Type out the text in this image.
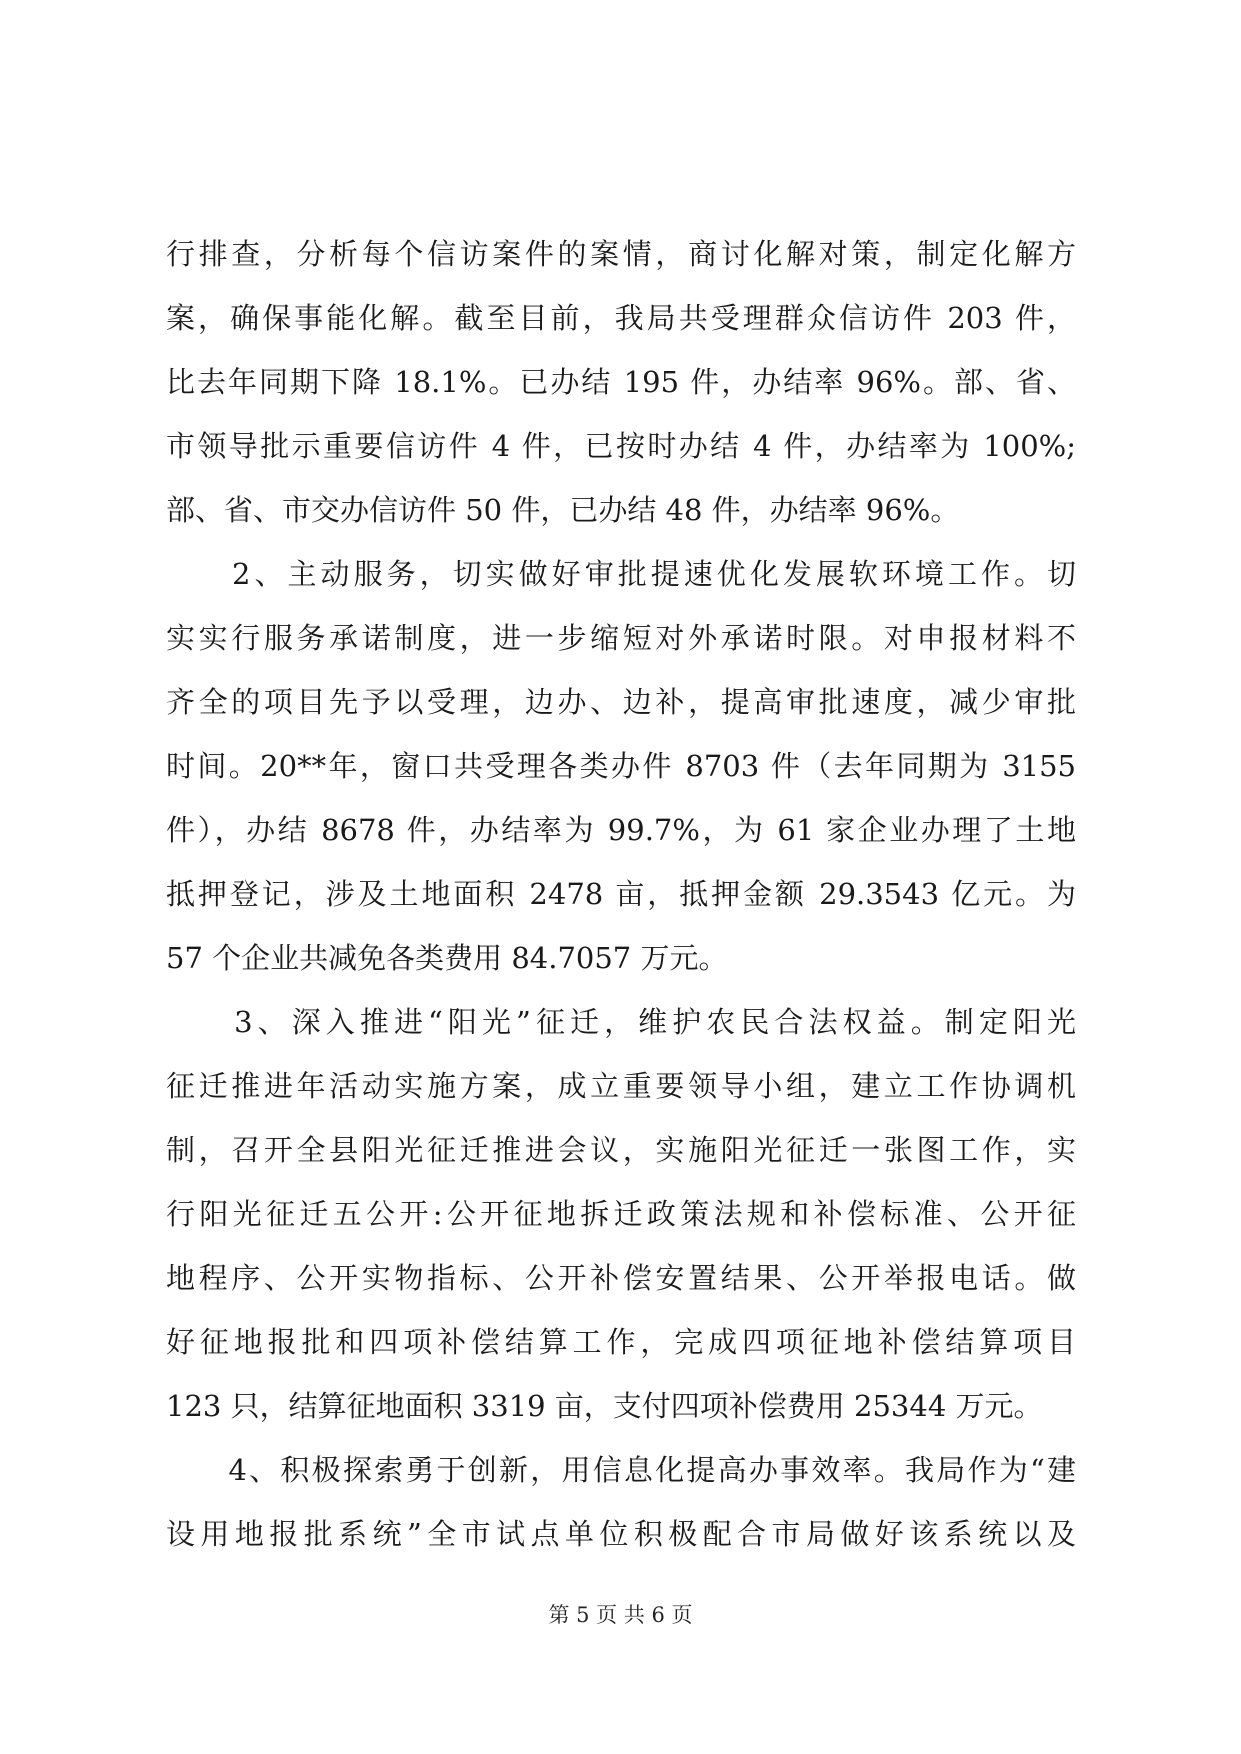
行排查，分析每个信访案件的案情，商讨化解对策，制定化解方
案，确保事能化解。截至目前，我局共受理群众信访件 203 件，
比去年同期下降 18.1%。已办结 195 件，办结率 96%。部、省、
市领导批示重要信访件 4 件，已按时办结 4 件，办结率为 100%;
部、省、市交办信访件 50 件，已办结 48 件，办结率 96%。
　　2、主动服务，切实做好审批提速优化发展软环境工作。切
实实行服务承诺制度，进一步缩短对外承诺时限。对申报材料不
齐全的项目先予以受理，边办、边补，提高审批速度，减少审批
时间。20**年，窗口共受理各类办件 8703 件（去年同期为 3155
件），办结 8678 件，办结率为 99.7%，为 61 家企业办理了土地
抵押登记，涉及土地面积 2478 亩，抵押金额 29.3543 亿元。为
57 个企业共减免各类费用 84.7057 万元。
　　3、深入推进“阳光”征迁，维护农民合法权益。制定阳光
征迁推进年活动实施方案，成立重要领导小组，建立工作协调机
制，召开全县阳光征迁推进会议，实施阳光征迁一张图工作，实
行阳光征迁五公开:公开征地拆迁政策法规和补偿标准、公开征
地程序、公开实物指标、公开补偿安置结果、公开举报电话。做
好征地报批和四项补偿结算工作，完成四项征地补偿结算项目
123 只，结算征地面积 3319 亩，支付四项补偿费用 25344 万元。
　　4、积极探索勇于创新，用信息化提高办事效率。我局作为“建
设用地报批系统”全市试点单位积极配合市局做好该系统以及
第 5 页 共 6 页
